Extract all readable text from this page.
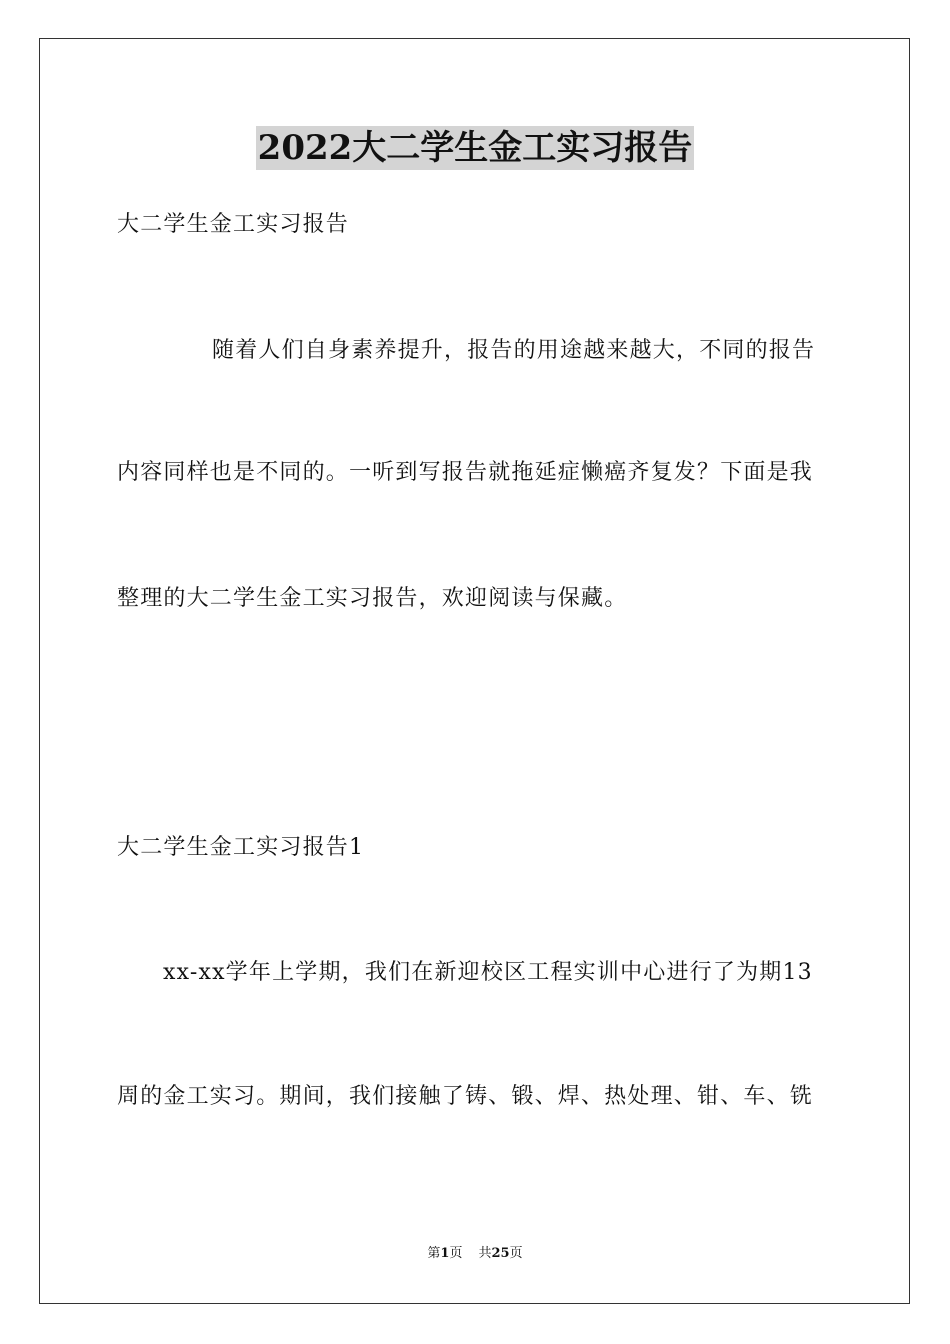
2022大二学生金工实习报告
大二学生金工实习报告
随着人们自身素养提升，报告的用途越来越大，不同的报告
内容同样也是不同的。一听到写报告就拖延症懒癌齐复发？下面是我
整理的大二学生金工实习报告，欢迎阅读与保藏。
大二学生金工实习报告1
xx-xx学年上学期，我们在新迎校区工程实训中心进行了为期13
周的金工实习。期间，我们接触了铸、锻、焊、热处理、钳、车、铣
第1页 共25页
